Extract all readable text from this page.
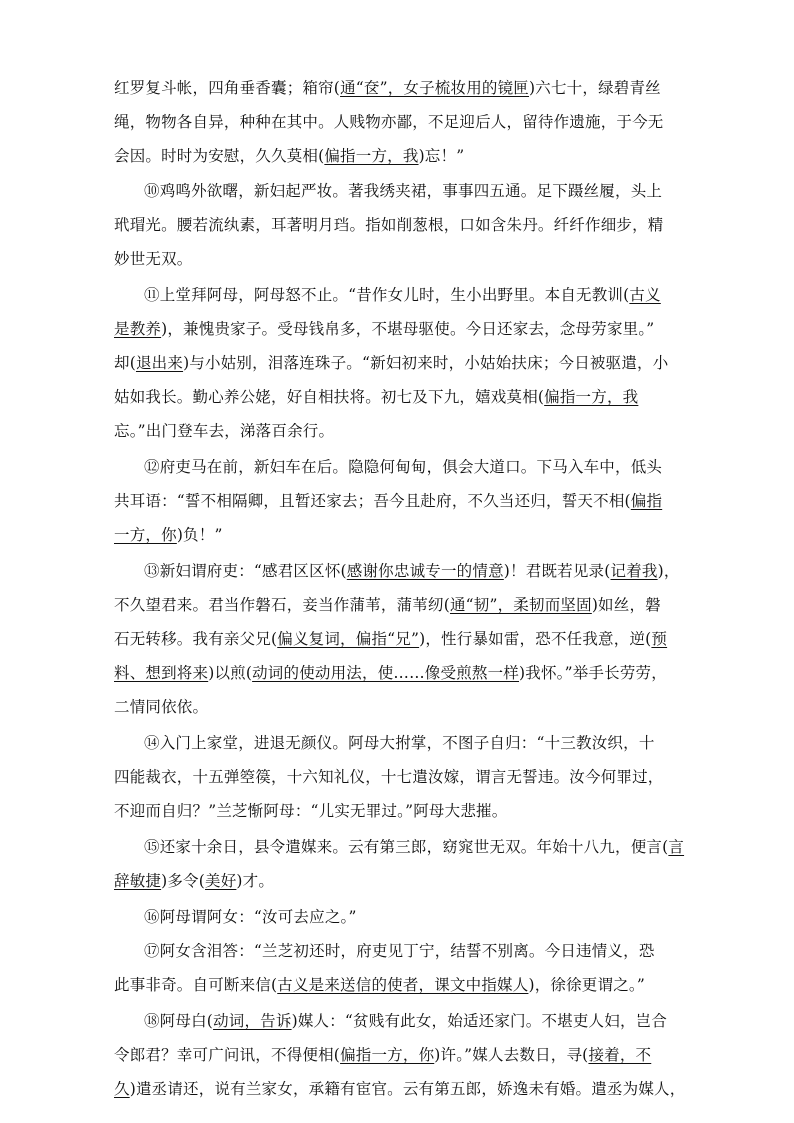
红罗复斗帐，四角垂香囊；箱帘(通“奁”，女子梳妆用的镜匣)六七十，绿碧青丝
绳，物物各自异，种种在其中。人贱物亦鄙，不足迎后人，留待作遗施，于今无
会因。时时为安慰，久久莫相(偏指一方，我)忘！”
⑩鸡鸣外欲曙，新妇起严妆。著我绣夹裙，事事四五通。足下蹑丝履，头上
玳瑁光。腰若流纨素，耳著明月珰。指如削葱根，口如含朱丹。纤纤作细步，精
妙世无双。
⑪上堂拜阿母，阿母怒不止。“昔作女儿时，生小出野里。本自无教训(古义
是教养)，兼愧贵家子。受母钱帛多，不堪母驱使。今日还家去，念母劳家里。”
却(退出来)与小姑别，泪落连珠子。“新妇初来时，小姑始扶床；今日被驱遣，小
姑如我长。勤心养公姥，好自相扶将。初七及下九，嬉戏莫相(偏指一方，我
忘。”出门登车去，涕落百余行。
⑫府吏马在前，新妇车在后。隐隐何甸甸，俱会大道口。下马入车中，低头
共耳语：“誓不相隔卿，且暂还家去；吾今且赴府，不久当还归，誓天不相(偏指
一方，你)负！”
⑬新妇谓府吏：“感君区区怀(感谢你忠诚专一的情意)！君既若见录(记着我)，
不久望君来。君当作磐石，妾当作蒲苇，蒲苇纫(通“韧”，柔韧而坚固)如丝，磐
石无转移。我有亲父兄(偏义复词，偏指“兄”)，性行暴如雷，恐不任我意，逆(预
料、想到将来)以煎(动词的使动用法，使……像受煎熬一样)我怀。”举手长劳劳，
二情同依依。
⑭入门上家堂，进退无颜仪。阿母大拊掌，不图子自归：“十三教汝织，十
四能裁衣，十五弹箜篌，十六知礼仪，十七遣汝嫁，谓言无誓违。汝今何罪过，
不迎而自归？”兰芝惭阿母：“儿实无罪过。”阿母大悲摧。
⑮还家十余日，县令遣媒来。云有第三郎，窈窕世无双。年始十八九，便言(言
辞敏捷)多令(美好)才。
⑯阿母谓阿女：“汝可去应之。”
⑰阿女含泪答：“兰芝初还时，府吏见丁宁，结誓不别离。今日违情义，恐
此事非奇。自可断来信(古义是来送信的使者，课文中指媒人)，徐徐更谓之。”
⑱阿母白(动词，告诉)媒人：“贫贱有此女，始适还家门。不堪吏人妇，岂合
令郎君？幸可广问讯，不得便相(偏指一方，你)许。”媒人去数日，寻(接着，不
久)遣丞请还，说有兰家女，承籍有宦官。云有第五郎，娇逸未有婚。遣丞为媒人，
